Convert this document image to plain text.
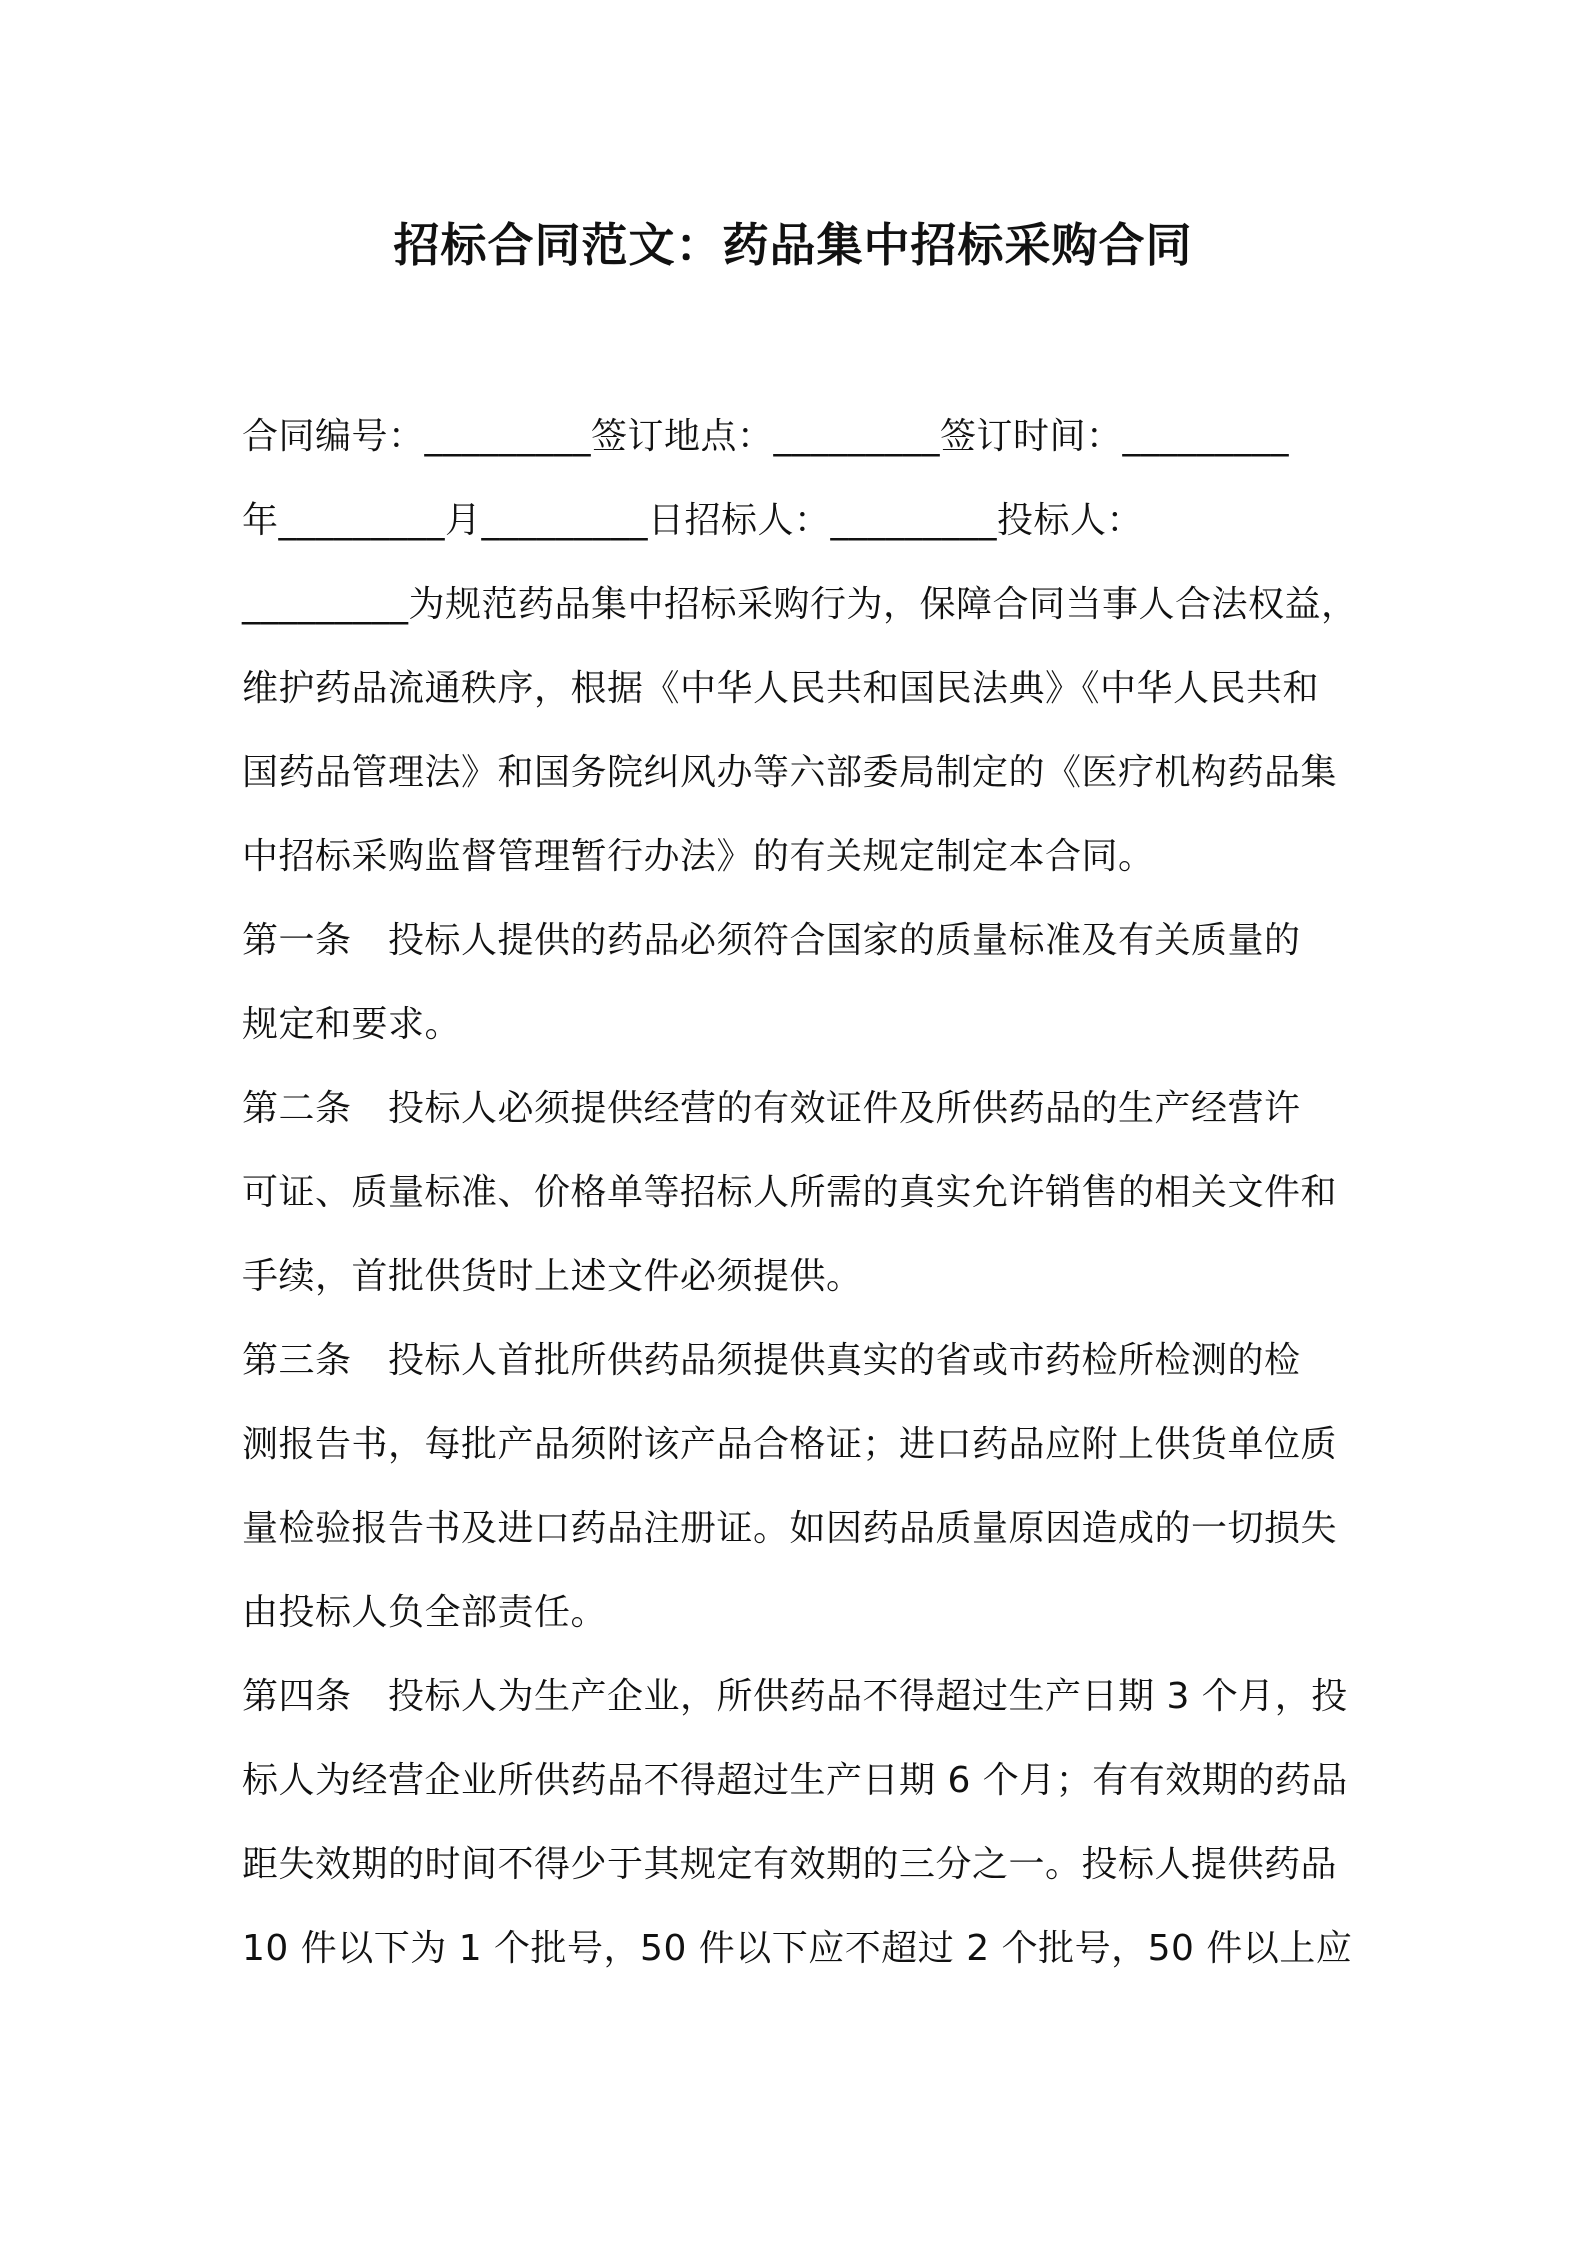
招标合同范文：药品集中招标采购合同
合同编号：_________签订地点：_________签订时间：_________
年_________月_________日招标人：_________投标人：
_________为规范药品集中招标采购行为，保障合同当事人合法权益，
维护药品流通秩序，根据《中华人民共和国民法典》《中华人民共和
国药品管理法》和国务院纠风办等六部委局制定的《医疗机构药品集
中招标采购监督管理暂行办法》的有关规定制定本合同。
第一条　投标人提供的药品必须符合国家的质量标准及有关质量的
规定和要求。
第二条　投标人必须提供经营的有效证件及所供药品的生产经营许
可证、质量标准、价格单等招标人所需的真实允许销售的相关文件和
手续，首批供货时上述文件必须提供。
第三条　投标人首批所供药品须提供真实的省或市药检所检测的检
测报告书，每批产品须附该产品合格证；进口药品应附上供货单位质
量检验报告书及进口药品注册证。如因药品质量原因造成的一切损失
由投标人负全部责任。
第四条　投标人为生产企业，所供药品不得超过生产日期 3 个月，投
标人为经营企业所供药品不得超过生产日期 6 个月；有有效期的药品
距失效期的时间不得少于其规定有效期的三分之一。投标人提供药品
10 件以下为 1 个批号，50 件以下应不超过 2 个批号，50 件以上应
